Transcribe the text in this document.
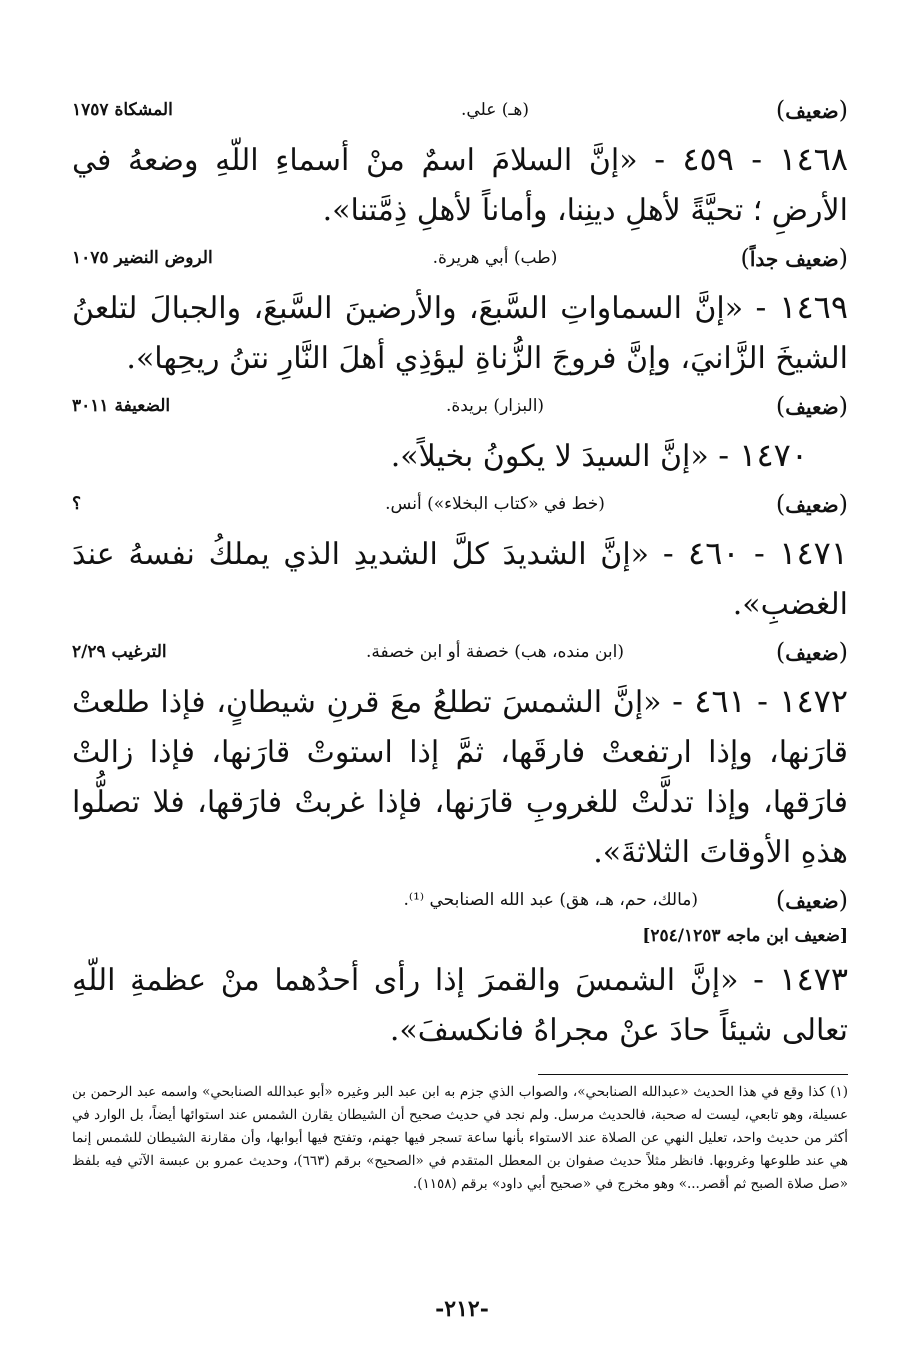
(ضعيف)
(هـ) علي.
المشكاة ١٧٥٧
١٤٦٨ - ٤٥٩ - «إنَّ السلامَ اسمٌ منْ أسماءِ اللّهِ وضعهُ في الأرضِ ؛ تحيَّةً لأهلِ دينِنا، وأماناً لأهلِ ذِمَّتنا».
(ضعيف جداً)
(طب) أبي هريرة.
الروض النضير ١٠٧٥
١٤٦٩ - «إنَّ السماواتِ السَّبعَ، والأرضينَ السَّبعَ، والجبالَ لتلعنُ الشيخَ الزَّانيَ، وإنَّ فروجَ الزُّناةِ ليؤذِي أهلَ النَّارِ نتنُ ريحِها».
(ضعيف)
(البزار) بريدة.
الضعيفة ٣٠١١
١٤٧٠ - «إنَّ السيدَ لا يكونُ بخيلاً».
(ضعيف)
(خط في «كتاب البخلاء») أنس.
؟
١٤٧١ - ٤٦٠ - «إنَّ الشديدَ كلَّ الشديدِ الذي يملكُ نفسهُ عندَ الغضبِ».
(ضعيف)
(ابن منده، هب) خصفة أو ابن خصفة.
الترغيب ٢/٢٩
١٤٧٢ - ٤٦١ - «إنَّ الشمسَ تطلعُ معَ قرنِ شيطانٍ، فإذا طلعتْ قارَنها، وإذا ارتفعتْ فارقَها، ثمَّ إذا استوتْ قارَنها، فإذا زالتْ فارَقها، وإذا تدلَّتْ للغروبِ قارَنها، فإذا غربتْ فارَقها، فلا تصلُّوا هذهِ الأوقاتَ الثلاثةَ».
(ضعيف)
(مالك، حم، هـ، هق) عبد الله الصنابحي ⁽¹⁾.
[ضعيف ابن ماجه ٢٥٤/١٢٥٣]
١٤٧٣ - «إنَّ الشمسَ والقمرَ إذا رأى أحدُهما منْ عظمةِ اللّهِ تعالى شيئاً حادَ عنْ مجراهُ فانكسفَ».
(١) كذا وقع في هذا الحديث «عبدالله الصنابحي»، والصواب الذي جزم به ابن عبد البر وغيره «أبو عبدالله الصنابحي» واسمه عبد الرحمن بن عسيلة، وهو تابعي، ليست له صحبة، فالحديث مرسل. ولم نجد في حديث صحيح أن الشيطان يقارن الشمس عند استوائها أيضاً، بل الوارد في أكثر من حديث واحد، تعليل النهي عن الصلاة عند الاستواء بأنها ساعة تسجر فيها جهنم، وتفتح فيها أبوابها، وأن مقارنة الشيطان للشمس إنما هي عند طلوعها وغروبها. فانظر مثلاً حديث صفوان بن المعطل المتقدم في «الصحيح» برقم (٦٦٣)، وحديث عمرو بن عبسة الآتي فيه بلفظ «صل صلاة الصبح ثم أقصر...» وهو مخرج في «صحيح أبي داود» برقم (١١٥٨).
-٢١٢-
